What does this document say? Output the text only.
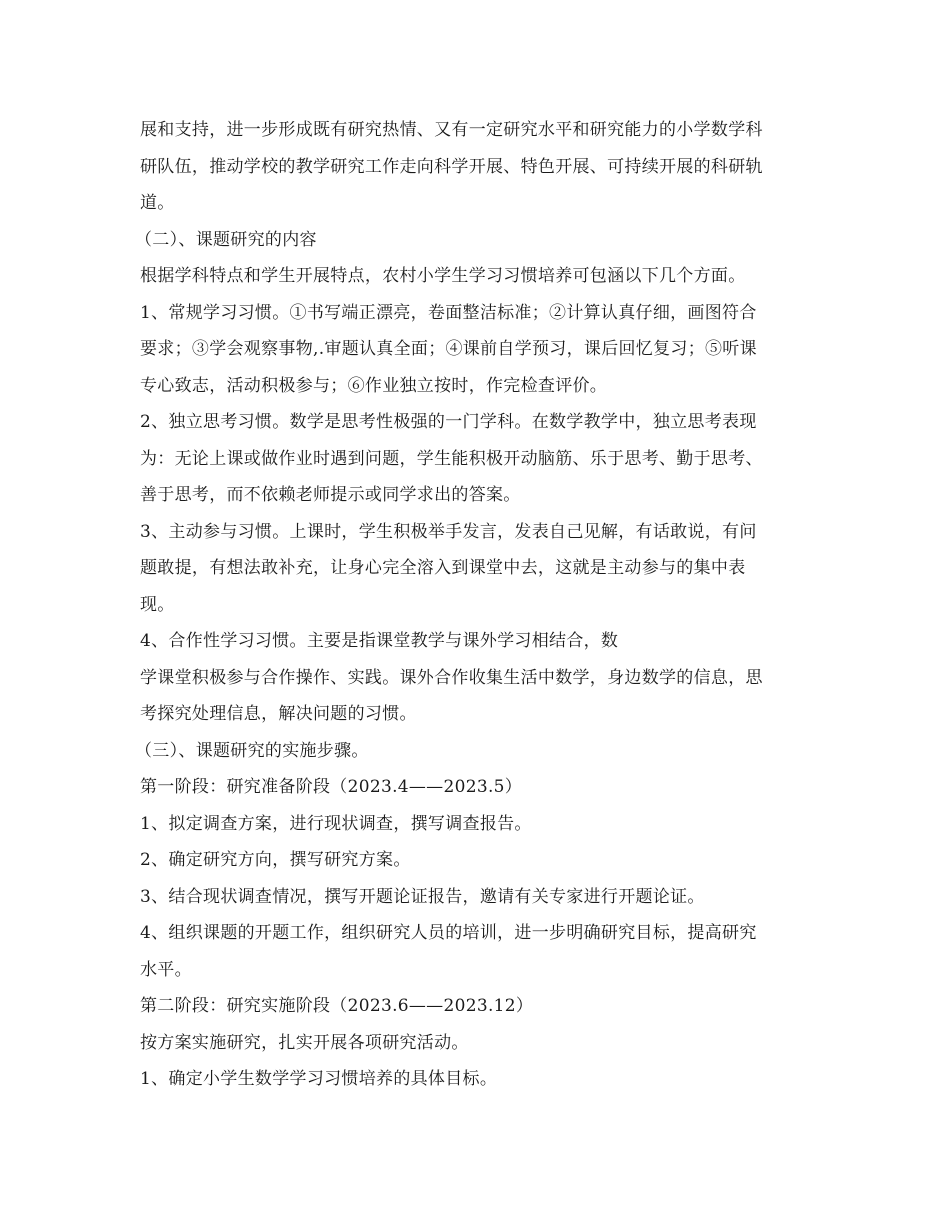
展和支持，进一步形成既有研究热情、又有一定研究水平和研究能力的小学数学科
研队伍，推动学校的教学研究工作走向科学开展、特色开展、可持续开展的科研轨
道。
（二）、课题研究的内容
根据学科特点和学生开展特点，农村小学生学习习惯培养可包涵以下几个方面。
1、常规学习习惯。①书写端正漂亮，卷面整洁标准；②计算认真仔细，画图符合
要求；③学会观察事物,.审题认真全面；④课前自学预习，课后回忆复习；⑤听课
专心致志，活动积极参与；⑥作业独立按时，作完检查评价。
2、独立思考习惯。数学是思考性极强的一门学科。在数学教学中，独立思考表现
为：无论上课或做作业时遇到问题，学生能积极开动脑筋、乐于思考、勤于思考、
善于思考，而不依赖老师提示或同学求出的答案。
3、主动参与习惯。上课时，学生积极举手发言，发表自己见解，有话敢说，有问
题敢提，有想法敢补充，让身心完全溶入到课堂中去，这就是主动参与的集中表
现。
4、合作性学习习惯。主要是指课堂教学与课外学习相结合，数
学课堂积极参与合作操作、实践。课外合作收集生活中数学，身边数学的信息，思
考探究处理信息，解决问题的习惯。
（三）、课题研究的实施步骤。
第一阶段：研究准备阶段（2023.4——2023.5）
1、拟定调查方案，进行现状调查，撰写调查报告。
2、确定研究方向，撰写研究方案。
3、结合现状调查情况，撰写开题论证报告，邀请有关专家进行开题论证。
4、组织课题的开题工作，组织研究人员的培训，进一步明确研究目标，提高研究
水平。
第二阶段：研究实施阶段（2023.6——2023.12）
按方案实施研究，扎实开展各项研究活动。
1、确定小学生数学学习习惯培养的具体目标。
